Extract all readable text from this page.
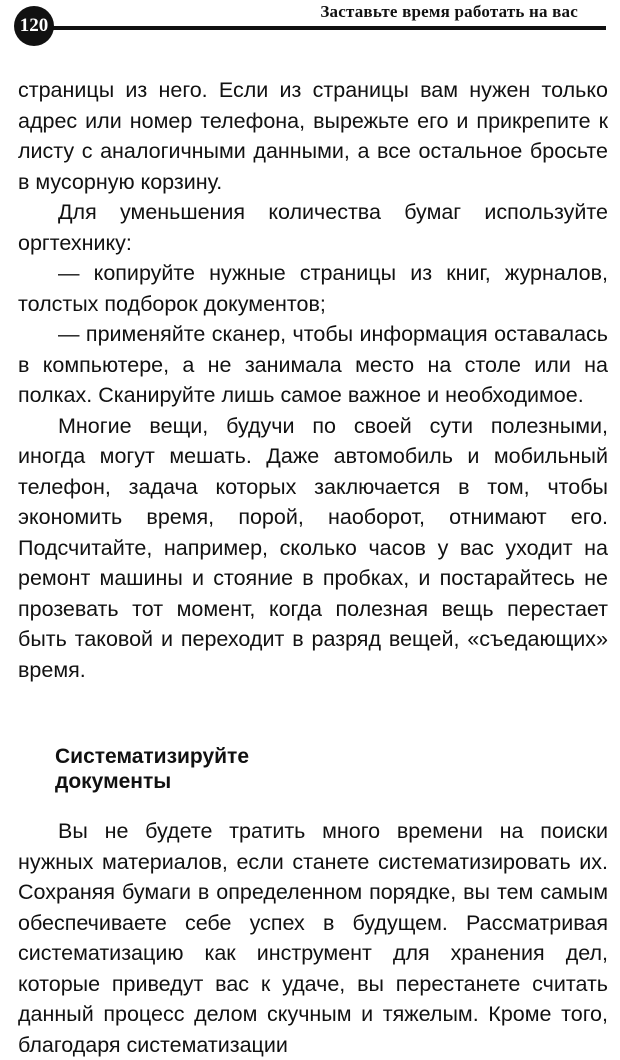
120
Заставьте время работать на вас

страницы из него. Если из страницы вам нужен только адрес или номер телефона, вырежьте его и прикрепите к листу с аналогичными данными, а все остальное бросьте в мусорную корзину.

Для уменьшения количества бумаг используйте оргтехнику:

— копируйте нужные страницы из книг, журналов, толстых подборок документов;

— применяйте сканер, чтобы информация оставалась в компьютере, а не занимала место на столе или на полках. Сканируйте лишь самое важное и необходимое.

Многие вещи, будучи по своей сути полезными, иногда могут мешать. Даже автомобиль и мобильный телефон, задача которых заключается в том, чтобы экономить время, порой, наоборот, отнимают его. Подсчитайте, например, сколько часов у вас уходит на ремонт машины и стояние в пробках, и постарайтесь не прозевать тот момент, когда полезная вещь перестает быть таковой и переходит в разряд вещей, «съедающих» время.

Систематизируйте
документы

Вы не будете тратить много времени на поиски нужных материалов, если станете систематизировать их. Сохраняя бумаги в определенном порядке, вы тем самым обеспечиваете себе успех в будущем. Рассматривая систематизацию как инструмент для хранения дел, которые приведут вас к удаче, вы перестанете считать данный процесс делом скучным и тяжелым. Кроме того, благодаря систематизации
